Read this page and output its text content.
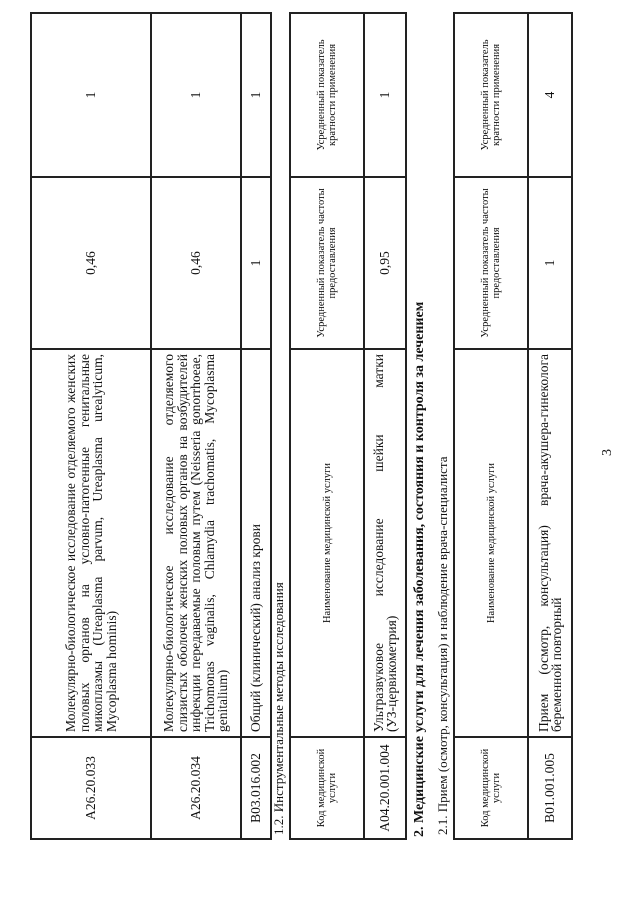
3
A26.20.033	Молекулярно-биологическое исследование отделяемого женских
половых органов на условно-патогенные генитальные
микоплазмы (Ureaplasma parvum, Ureaplasma urealyticum,
Mycoplasma hominis)	0,46	1
A26.20.034	Молекулярно-биологическое исследование отделяемого
слизистых оболочек женских половых органов на возбудителей
инфекции передаваемые половым путем (Neisseria gonorrhoeae,
Trichomonas vaginalis, Chlamydia trachomatis, Mycoplasma
genitalium)	0,46	1
B03.016.002	Общий (клинический) анализ крови	1	1
1.2. Инструментальные методы исследования			
Код медицинской услуги	Наименование медицинской услуги	Усредненный показатель частоты предоставления	Усредненный показатель кратности применения
A04.20.001.004	Ультразвуковое исследование шейки матки
(УЗ-цервикометрия)	0,95	1
2. Медицинские услуги для лечения заболевания, состояния и контроля за лечением 2.1. Прием (осмотр, консультация) и наблюдение врача-специалиста			
Код медицинской услуги	Наименование медицинской услуги	Усредненный показатель частоты предоставления	Усредненный показатель кратности применения
B01.001.005	Прием (осмотр, консультация) врача-акушера-гинеколога
беременной повторный	1	4
